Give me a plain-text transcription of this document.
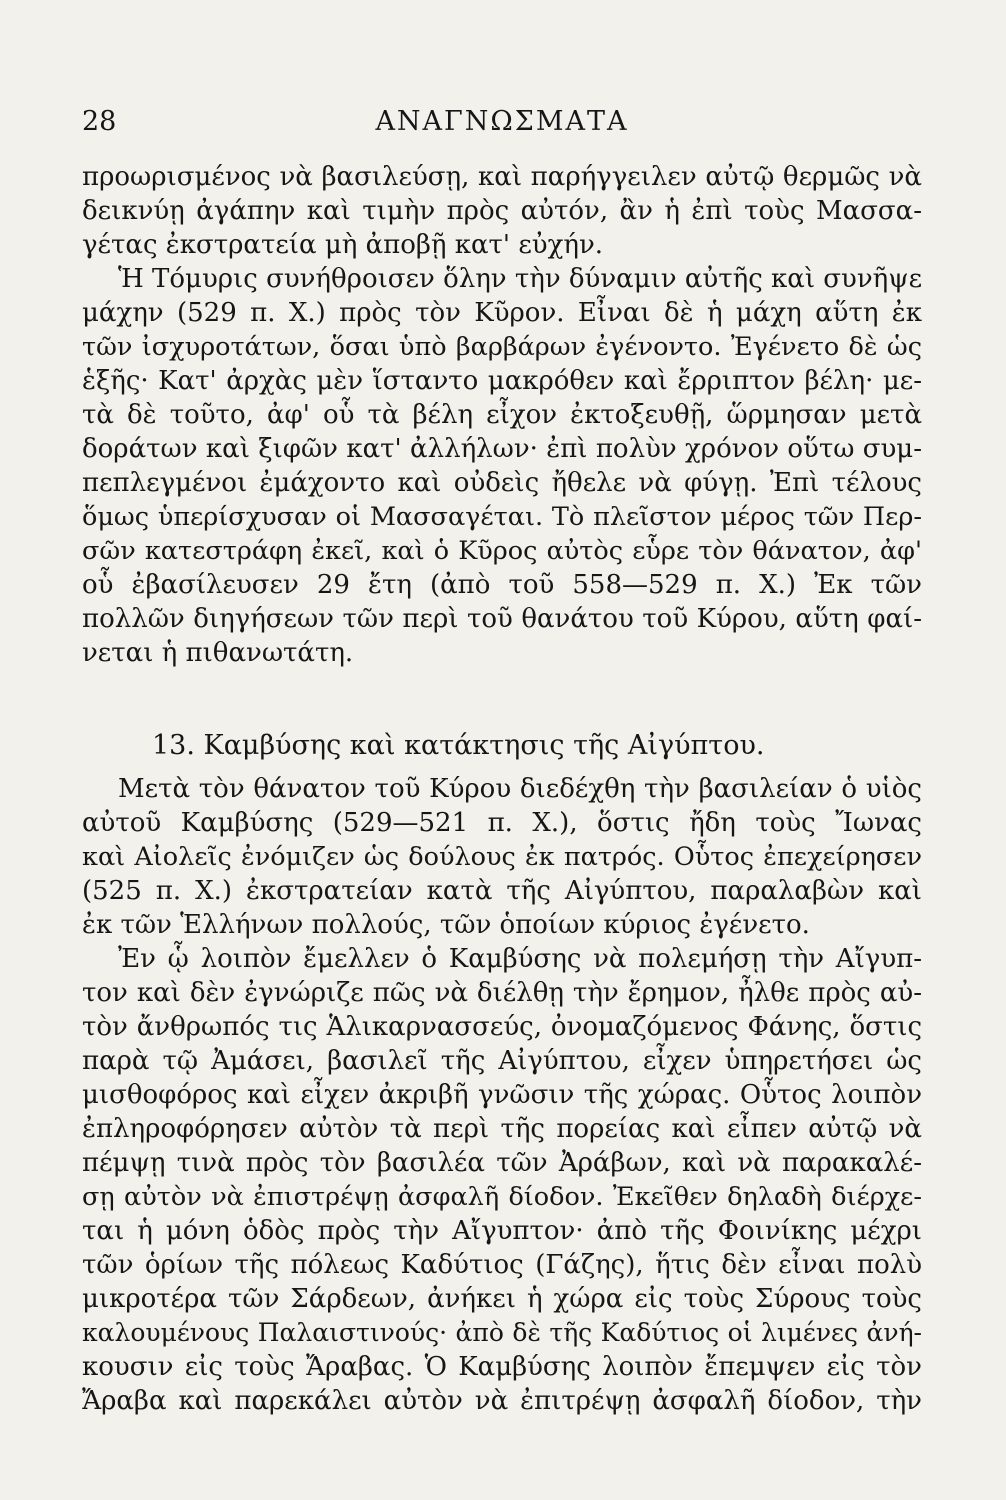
28	ΑΝΑΓΝΩΣΜΑΤΑ
προωρισμένος νὰ βασιλεύσῃ, καὶ παρήγγειλεν αὐτῷ θερμῶς νὰ
δεικνύῃ ἀγάπην καὶ τιμὴν πρὸς αὐτόν, ἂν ἡ ἐπὶ τοὺς Μασσα-
γέτας ἐκστρατεία μὴ ἀποβῇ κατ' εὐχήν.
Ἡ Τόμυρις συνήθροισεν ὅλην τὴν δύναμιν αὐτῆς καὶ συνῆψε
μάχην (529 π. Χ.) πρὸς τὸν Κῦρον. Εἶναι δὲ ἡ μάχη αὕτη ἐκ
τῶν ἰσχυροτάτων, ὅσαι ὑπὸ βαρβάρων ἐγένοντο. Ἐγένετο δὲ ὡς
ἑξῆς· Κατ' ἀρχὰς μὲν ἵσταντο μακρόθεν καὶ ἔρριπτον βέλη· με-
τὰ δὲ τοῦτο, ἀφ' οὗ τὰ βέλη εἶχον ἐκτοξευθῇ, ὥρμησαν μετὰ
δοράτων καὶ ξιφῶν κατ' ἀλλήλων· ἐπὶ πολὺν χρόνον οὕτω συμ-
πεπλεγμένοι ἐμάχοντο καὶ οὐδεὶς ἤθελε νὰ φύγῃ. Ἐπὶ τέλους
ὅμως ὑπερίσχυσαν οἱ Μασσαγέται. Τὸ πλεῖστον μέρος τῶν Περ-
σῶν κατεστράφη ἐκεῖ, καὶ ὁ Κῦρος αὐτὸς εὗρε τὸν θάνατον, ἀφ'
οὗ ἐβασίλευσεν 29 ἔτη (ἀπὸ τοῦ 558—529 π. Χ.) Ἐκ τῶν
πολλῶν διηγήσεων τῶν περὶ τοῦ θανάτου τοῦ Κύρου, αὕτη φαί-
νεται ἡ πιθανωτάτη.
13. Καμβύσης καὶ κατάκτησις τῆς Αἰγύπτου.
Μετὰ τὸν θάνατον τοῦ Κύρου διεδέχθη τὴν βασιλείαν ὁ υἱὸς
αὐτοῦ Καμβύσης (529—521 π. Χ.), ὅστις ἤδη τοὺς Ἴωνας
καὶ Αἰολεῖς ἐνόμιζεν ὡς δούλους ἐκ πατρός. Οὗτος ἐπεχείρησεν
(525 π. Χ.) ἐκστρατείαν κατὰ τῆς Αἰγύπτου, παραλαβὼν καὶ
ἐκ τῶν Ἑλλήνων πολλούς, τῶν ὁποίων κύριος ἐγένετο.
Ἐν ᾧ λοιπὸν ἔμελλεν ὁ Καμβύσης νὰ πολεμήσῃ τὴν Αἴγυπ-
τον καὶ δὲν ἐγνώριζε πῶς νὰ διέλθῃ τὴν ἔρημον, ἦλθε πρὸς αὐ-
τὸν ἄνθρωπός τις Ἁλικαρνασσεύς, ὀνομαζόμενος Φάνης, ὅστις
παρὰ τῷ Ἀμάσει, βασιλεῖ τῆς Αἰγύπτου, εἶχεν ὑπηρετήσει ὡς
μισθοφόρος καὶ εἶχεν ἀκριβῆ γνῶσιν τῆς χώρας. Οὗτος λοιπὸν
ἐπληροφόρησεν αὐτὸν τὰ περὶ τῆς πορείας καὶ εἶπεν αὐτῷ νὰ
πέμψῃ τινὰ πρὸς τὸν βασιλέα τῶν Ἀράβων, καὶ νὰ παρακαλέ-
σῃ αὐτὸν νὰ ἐπιστρέψῃ ἀσφαλῆ δίοδον. Ἐκεῖθεν δηλαδὴ διέρχε-
ται ἡ μόνη ὁδὸς πρὸς τὴν Αἴγυπτον· ἀπὸ τῆς Φοινίκης μέχρι
τῶν ὁρίων τῆς πόλεως Καδύτιος (Γάζης), ἥτις δὲν εἶναι πολὺ
μικροτέρα τῶν Σάρδεων, ἀνήκει ἡ χώρα εἰς τοὺς Σύρους τοὺς
καλουμένους Παλαιστινούς· ἀπὸ δὲ τῆς Καδύτιος οἱ λιμένες ἀνή-
κουσιν εἰς τοὺς Ἄραβας. Ὁ Καμβύσης λοιπὸν ἔπεμψεν εἰς τὸν
Ἄραβα καὶ παρεκάλει αὐτὸν νὰ ἐπιτρέψῃ ἀσφαλῆ δίοδον, τὴν
